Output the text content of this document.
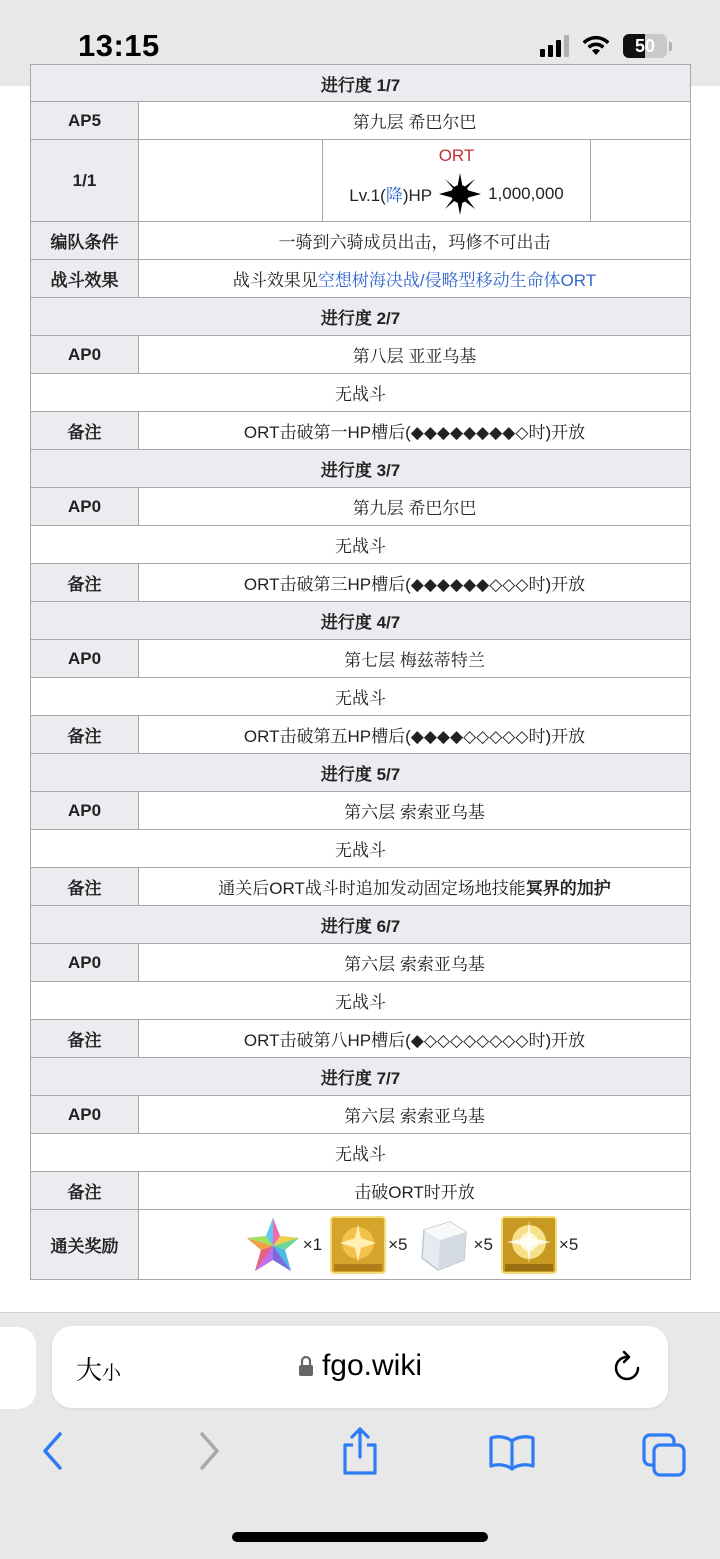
13:15	50
进行度 1/7			
AP5	第九层 希巴尔巴		
1/1		ORT
Lv.1(降)HP 1,000,000	

编队条件	一骑到六骑成员出击，玛修不可出击		
战斗效果	战斗效果见空想树海决战/侵略型移动生命体ORT		
进行度 2/7			
AP0	第八层 亚亚乌基		
无战斗			
备注	ORT击破第一HP槽后(◆◆◆◆◆◆◆◆◇时)开放		
进行度 3/7			
AP0	第九层 希巴尔巴		
无战斗			
备注	ORT击破第三HP槽后(◆◆◆◆◆◆◇◇◇时)开放		
进行度 4/7			
AP0	第七层 梅兹蒂特兰		
无战斗			
备注	ORT击破第五HP槽后(◆◆◆◆◇◇◇◇◇时)开放		
进行度 5/7			
AP0	第六层 索索亚乌基		
无战斗			
备注	通关后ORT战斗时追加发动固定场地技能冥界的加护		
进行度 6/7			
AP0	第六层 索索亚乌基		
无战斗			
备注	ORT击破第八HP槽后(◆◇◇◇◇◇◇◇◇时)开放		
进行度 7/7			
AP0	第六层 索索亚乌基		
无战斗			
备注	击破ORT时开放		
通关奖励	×1 ×5 ×5 ×5		
大小	fgo.wiki
